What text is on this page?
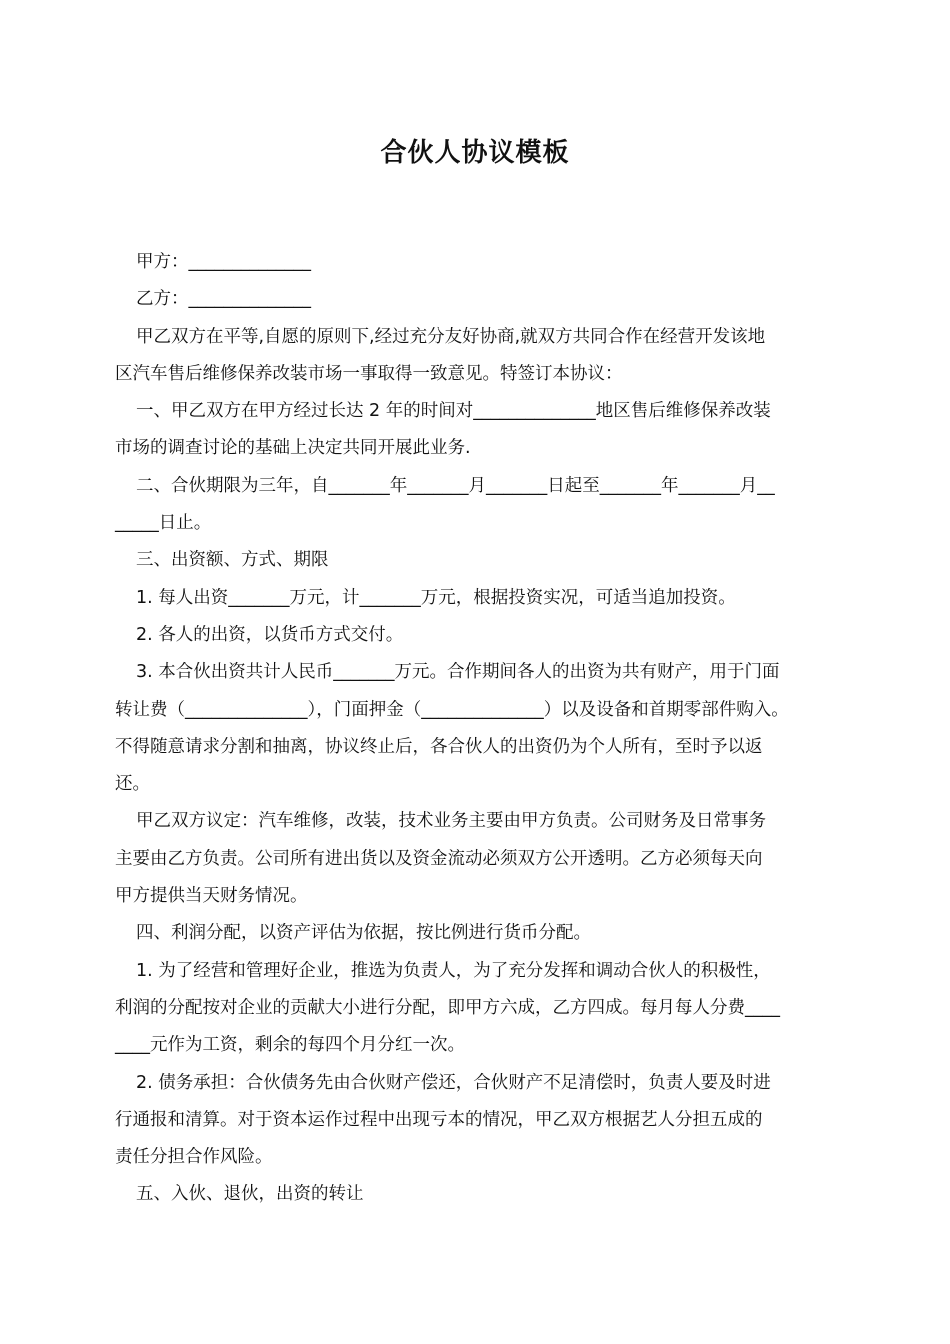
合伙人协议模板
甲方：______________
乙方：______________
甲乙双方在平等,自愿的原则下,经过充分友好协商,就双方共同合作在经营开发该地
区汽车售后维修保养改装市场一事取得一致意见。特签订本协议：
一、甲乙双方在甲方经过长达 2 年的时间对______________地区售后维修保养改装
市场的调查讨论的基础上决定共同开展此业务.
二、合伙期限为三年，自_______年_______月_______日起至_______年_______月__
_____日止。
三、出资额、方式、期限
1. 每人出资_______万元，计_______万元，根据投资实况，可适当追加投资。
2. 各人的出资，以货币方式交付。
3. 本合伙出资共计人民币_______万元。合作期间各人的出资为共有财产，用于门面
转让费（______________），门面押金（______________）以及设备和首期零部件购入。
不得随意请求分割和抽离，协议终止后，各合伙人的出资仍为个人所有，至时予以返
还。
甲乙双方议定：汽车维修，改装，技术业务主要由甲方负责。公司财务及日常事务
主要由乙方负责。公司所有进出货以及资金流动必须双方公开透明。乙方必须每天向
甲方提供当天财务情况。
四、利润分配，以资产评估为依据，按比例进行货币分配。
1. 为了经营和管理好企业，推选为负责人，为了充分发挥和调动合伙人的积极性，
利润的分配按对企业的贡献大小进行分配，即甲方六成，乙方四成。每月每人分费____
____元作为工资，剩余的每四个月分红一次。
2. 债务承担：合伙债务先由合伙财产偿还，合伙财产不足清偿时，负责人要及时进
行通报和清算。对于资本运作过程中出现亏本的情况，甲乙双方根据艺人分担五成的
责任分担合作风险。
五、入伙、退伙，出资的转让
